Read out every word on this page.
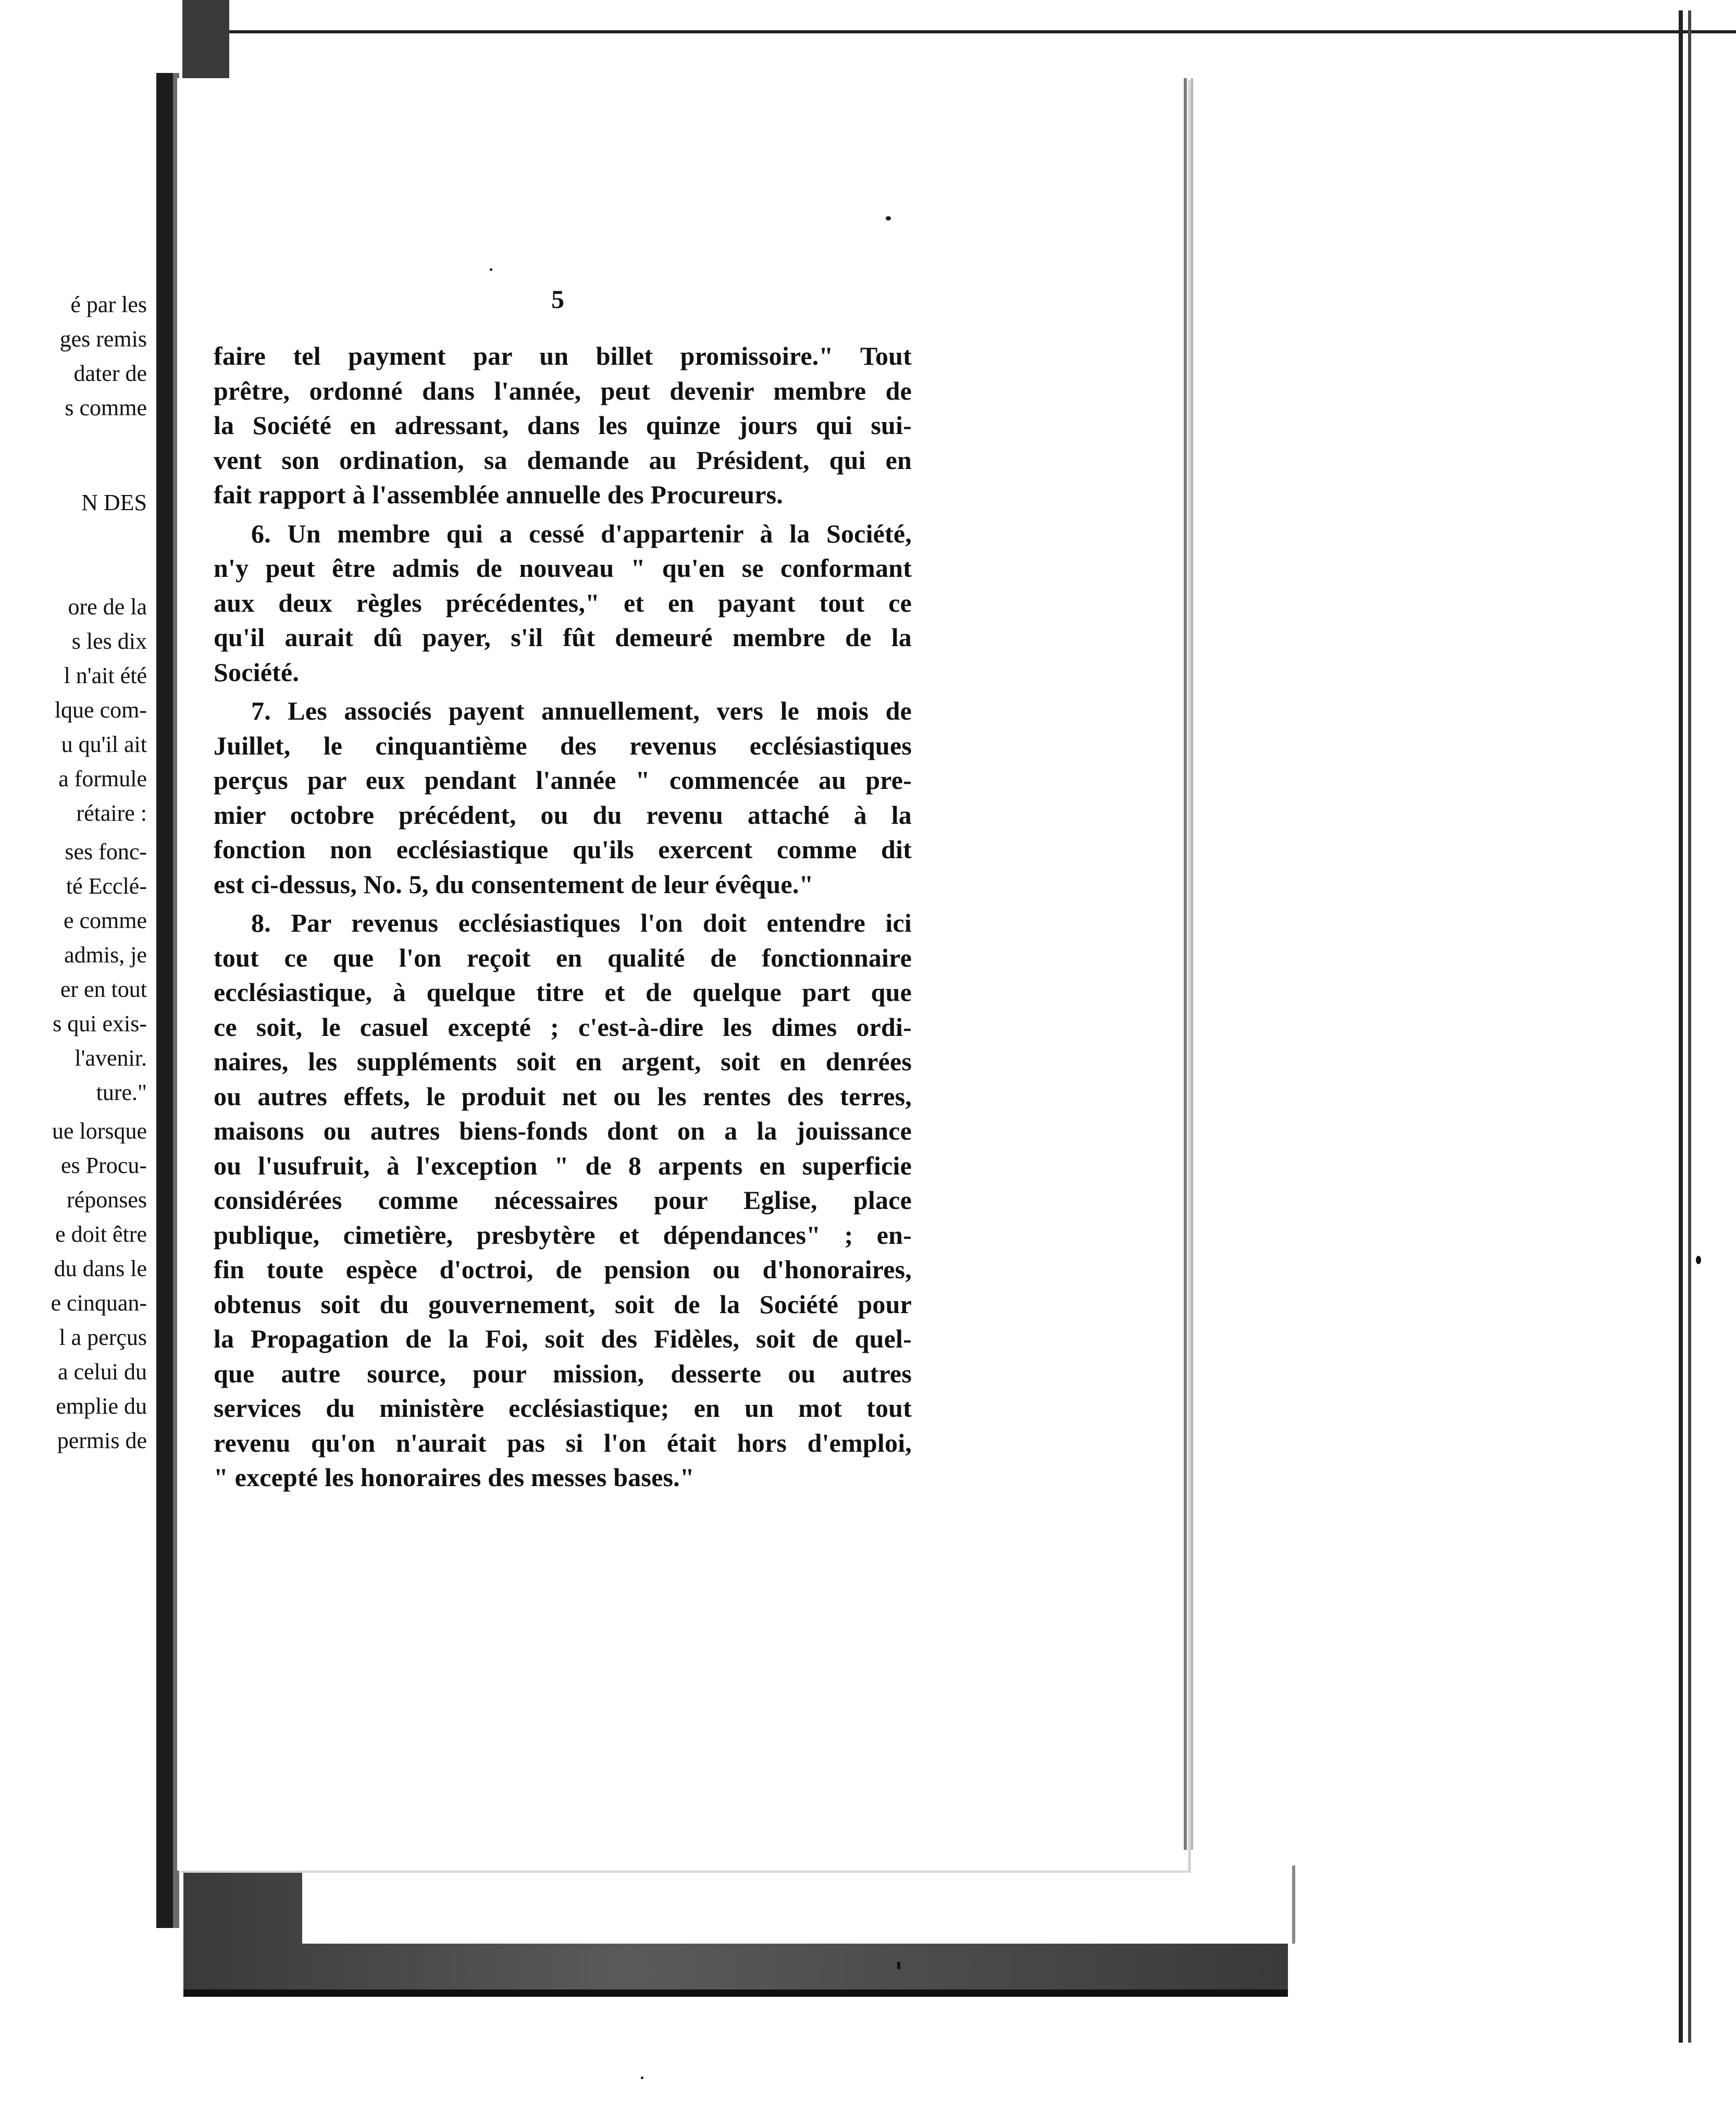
é par les
ges remis
dater de
s comme
N DES
ore de la
s les dix
l n'ait été
lque com-
u qu'il ait
a formule
rétaire :
ses fonc-
té Ecclé-
e comme
admis, je
er en tout
s qui exis-
l'avenir.
ture."
ue lorsque
es Procu-
réponses
e doit être
du dans le
e cinquan-
l a perçus
a celui du
emplie du
permis de
5
faire tel payment par un billet promissoire." Tout
prêtre, ordonné dans l'année, peut devenir membre de
la Société en adressant, dans les quinze jours qui sui-
vent son ordination, sa demande au Président, qui en
fait rapport à l'assemblée annuelle des Procureurs.
6. Un membre qui a cessé d'appartenir à la Société,
n'y peut être admis de nouveau " qu'en se conformant
aux deux règles précédentes," et en payant tout ce
qu'il aurait dû payer, s'il fût demeuré membre de la
Société.
7. Les associés payent annuellement, vers le mois de
Juillet, le cinquantième des revenus ecclésiastiques
perçus par eux pendant l'année " commencée au pre-
mier octobre précédent, ou du revenu attaché à la
fonction non ecclésiastique qu'ils exercent comme dit
est ci-dessus, No. 5, du consentement de leur évêque."
8. Par revenus ecclésiastiques l'on doit entendre ici
tout ce que l'on reçoit en qualité de fonctionnaire
ecclésiastique, à quelque titre et de quelque part que
ce soit, le casuel excepté ; c'est-à-dire les dimes ordi-
naires, les suppléments soit en argent, soit en denrées
ou autres effets, le produit net ou les rentes des terres,
maisons ou autres biens-fonds dont on a la jouissance
ou l'usufruit, à l'exception " de 8 arpents en superficie
considérées comme nécessaires pour Eglise, place
publique, cimetière, presbytère et dépendances" ; en-
fin toute espèce d'octroi, de pension ou d'honoraires,
obtenus soit du gouvernement, soit de la Société pour
la Propagation de la Foi, soit des Fidèles, soit de quel-
que autre source, pour mission, desserte ou autres
services du ministère ecclésiastique; en un mot tout
revenu qu'on n'aurait pas si l'on était hors d'emploi,
" excepté les honoraires des messes bases."
